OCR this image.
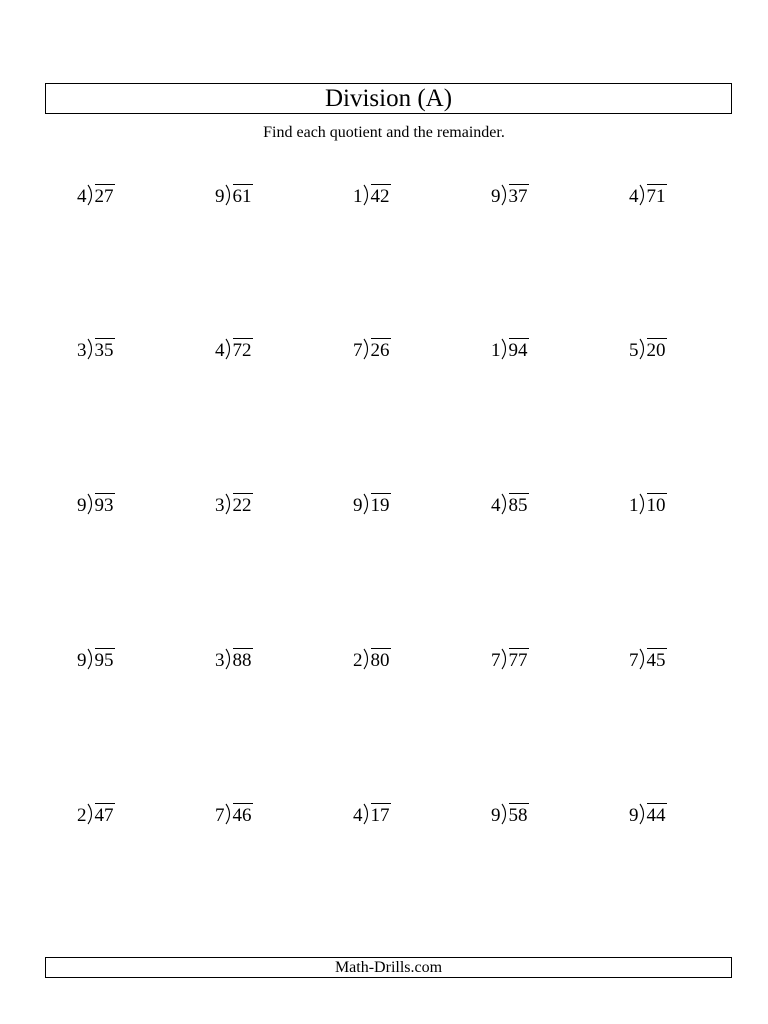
Division (A)
Find each quotient and the remainder.
4 27	9 61	1 42	9 37	4 71
3 35	4 72	7 26	1 94	5 20
9 93	3 22	9 19	4 85	1 10
9 95	3 88	2 80	7 77	7 45
2 47	7 46	4 17	9 58	9 44
Math-Drills.com
